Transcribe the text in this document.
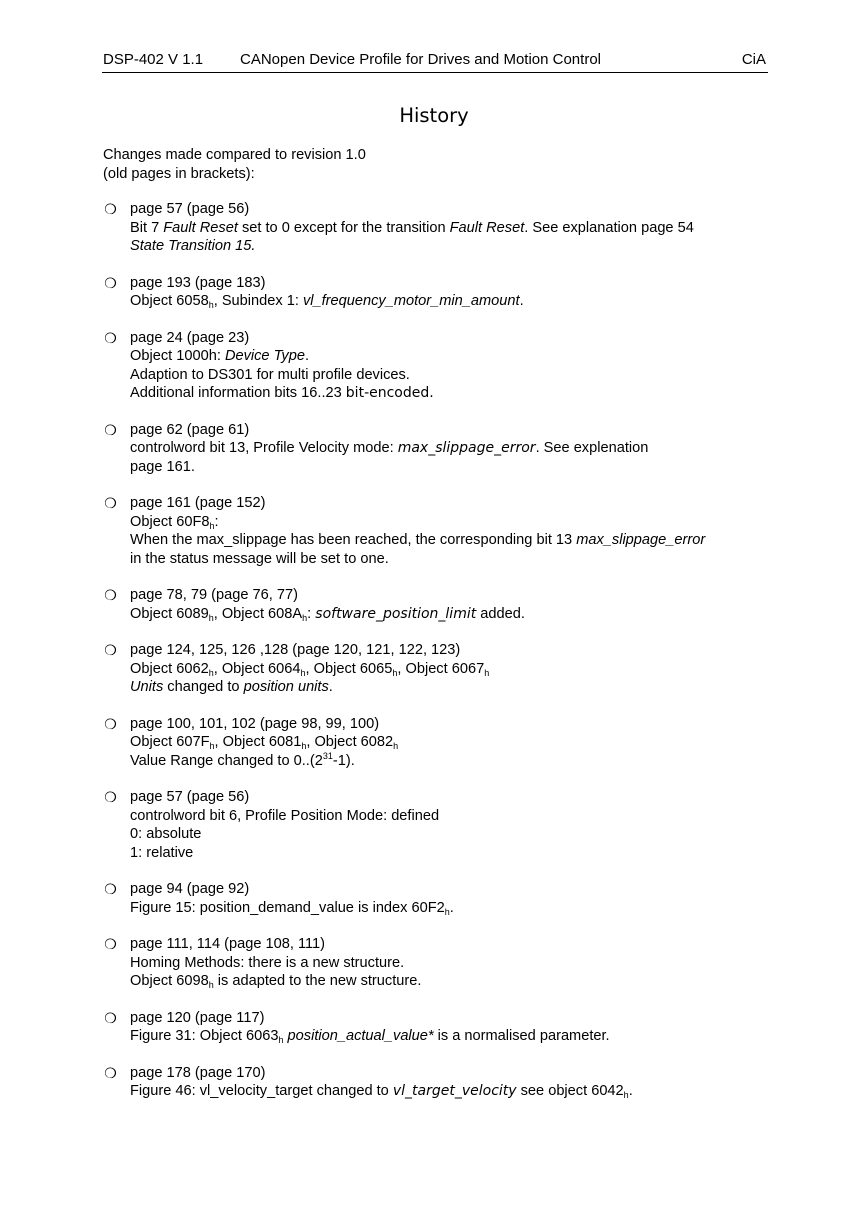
DSP-402 V 1.1 CANopen Device Profile for Drives and Motion Control	CiA
History
Changes made compared to revision 1.0
(old pages in brackets):
❍ page 57 (page 56)
Bit 7 Fault Reset set to 0 except for the transition Fault Reset. See explanation page 54
State Transition 15.
❍ page 193 (page 183)
Object $6058_h$, Subindex 1: vl_frequency_motor_min_amount.
❍ page 24 (page 23)
Object 1000h: Device Type.
Adaption to DS301 for multi profile devices.
Additional information bits 16..23 bit-encoded.
❍ page 62 (page 61)
controlword bit 13, Profile Velocity mode: max_slippage_error. See explenation
page 161.
❍ page 161 (page 152)
Object $60F8_h$:
When the max_slippage has been reached, the corresponding bit 13 max_slippage_error
in the status message will be set to one.
❍ page 78, 79 (page 76, 77)
Object $6089_h$, Object $608A_h$: software_position_limit added.
❍ page 124, 125, 126 ,128 (page 120, 121, 122, 123)
Object $6062_h$, Object $6064_h$, Object $6065_h$, Object $6067_h$
Units changed to position units.
❍ page 100, 101, 102 (page 98, 99, 100)
Object $607F_h$, Object $6081_h$, Object $6082_h$
Value Range changed to $0..(2^{31}-1)$.
❍ page 57 (page 56)
controlword bit 6, Profile Position Mode: defined
0: absolute
1: relative
❍ page 94 (page 92)
Figure 15: position_demand_value is index $60F2_h$.
❍ page 111, 114 (page 108, 111)
Homing Methods: there is a new structure.
Object $6098_h$ is adapted to the new structure.
❍ page 120 (page 117)
Figure 31: Object $6063_h$ position_actual_value* is a normalised parameter.
❍ page 178 (page 170)
Figure 46: vl_velocity_target changed to vl_target_velocity see object $6042_h$.
